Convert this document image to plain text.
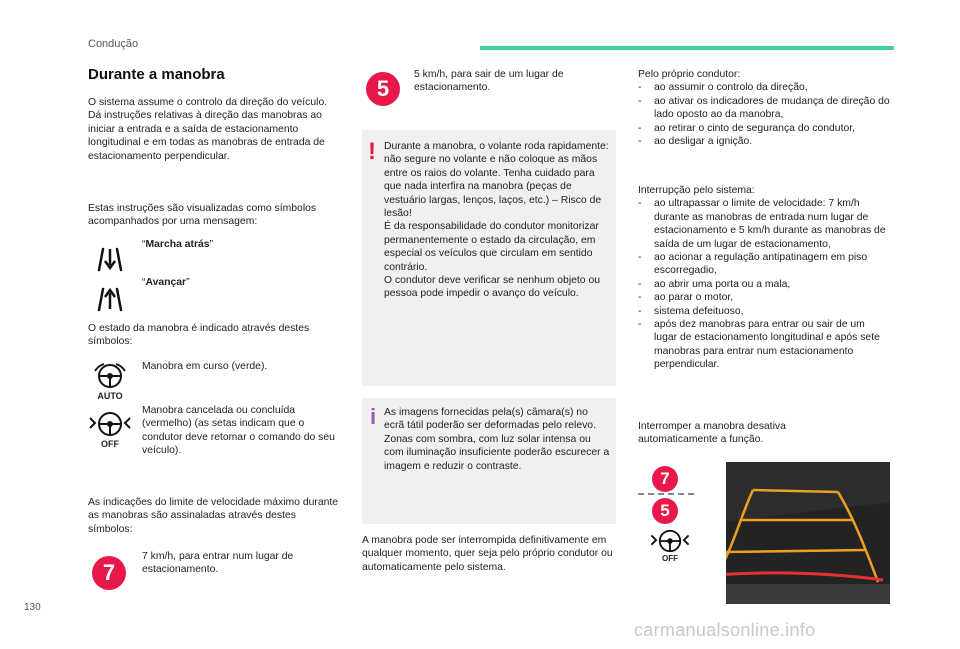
Condução
Durante a manobra

O sistema assume o controlo da direção do veículo. Dá instruções relativas à direção das manobras ao iniciar a entrada e a saída de estacionamento longitudinal e em todas as manobras de entrada de estacionamento perpendicular.

Estas instruções são visualizadas como símbolos acompanhados por uma mensagem:

“Marcha atrás”
“Avançar”

O estado da manobra é indicado através destes símbolos:

AUTO

Manobra em curso (verde).

OFF

Manobra cancelada ou concluída (vermelho) (as setas indicam que o condutor deve retomar o comando do seu veículo).

As indicações do limite de velocidade máximo durante as manobras são assinaladas através destes símbolos:

7

7 km/h, para entrar num lugar de estacionamento.

5

5 km/h, para sair de um lugar de estacionamento.

! Durante a manobra, o volante roda rapidamente: não segure no volante e não coloque as mãos entre os raios do volante. Tenha cuidado para que nada interfira na manobra (peças de vestuário largas, lenços, laços, etc.) – Risco de lesão!

É da responsabilidade do condutor monitorizar permanentemente o estado da circulação, em especial os veículos que circulam em sentido contrário.

O condutor deve verificar se nenhum objeto ou pessoa pode impedir o avanço do veículo.

i As imagens fornecidas pela(s) câmara(s) no ecrã tátil poderão ser deformadas pelo relevo.

Zonas com sombra, com luz solar intensa ou com iluminação insuficiente poderão escurecer a imagem e reduzir o contraste.

A manobra pode ser interrompida definitivamente em qualquer momento, quer seja pelo próprio condutor ou automaticamente pelo sistema.

Pelo próprio condutor:

-	ao assumir o controlo da direção,

-	ao ativar os indicadores de mudança de direção do lado oposto ao da manobra,

-	ao retirar o cinto de segurança do condutor,

-	ao desligar a ignição.

Interrupção pelo sistema:

-	ao ultrapassar o limite de velocidade: 7 km/h durante as manobras de entrada num lugar de estacionamento e 5 km/h durante as manobras de saída de um lugar de estacionamento,

-	ao acionar a regulação antipatinagem em piso escorregadio,

-	ao abrir uma porta ou a mala,

-	ao parar o motor,

-	sistema defeituoso,

-	após dez manobras para entrar ou sair de um lugar de estacionamento longitudinal e após sete manobras para entrar num estacionamento perpendicular.

Interromper a manobra desativa automaticamente a função.

7
5
OFF
130
carmanualsonline.info
